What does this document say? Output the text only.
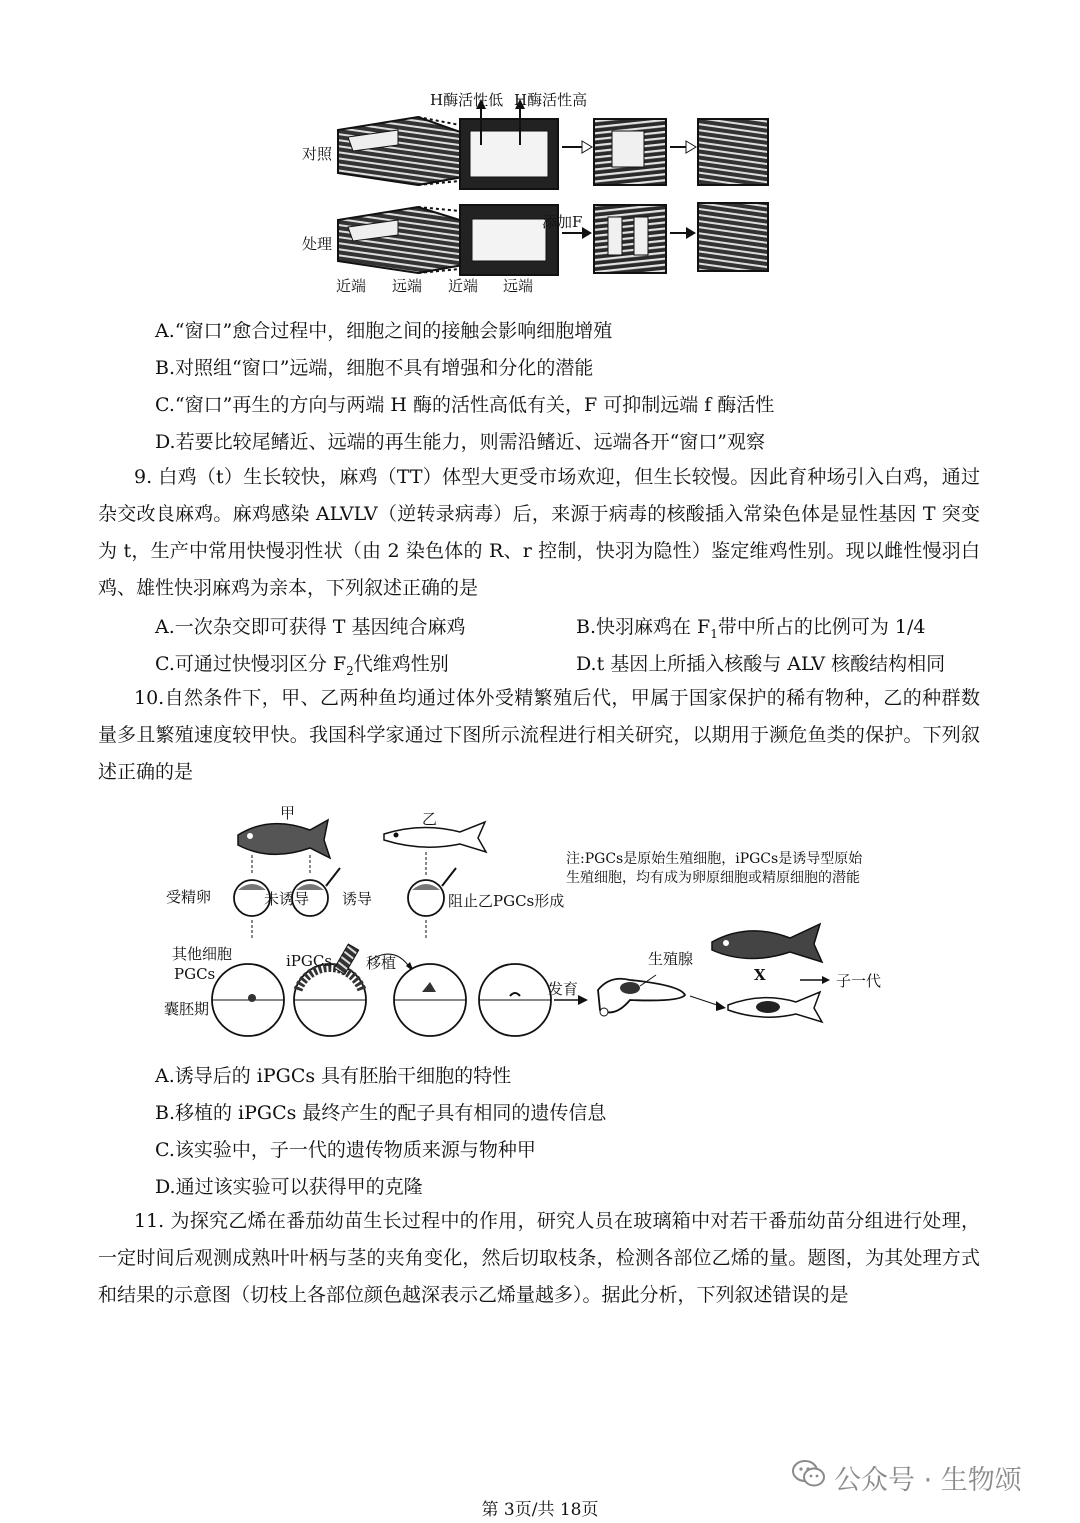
H酶活性低 H酶活性高
对照
处理
添加F
近端 远端 近端 远端
A.“窗口”愈合过程中，细胞之间的接触会影响细胞增殖
B.对照组“窗口”远端，细胞不具有增强和分化的潜能
C.“窗口”再生的方向与两端 H 酶的活性高低有关，F 可抑制远端 f 酶活性
D.若要比较尾鳍近、远端的再生能力，则需沿鳍近、远端各开“窗口”观察
9. 白鸡（t）生长较快，麻鸡（TT）体型大更受市场欢迎，但生长较慢。因此育种场引入白鸡，通过杂交改良麻鸡。麻鸡感染 ALVLV（逆转录病毒）后，来源于病毒的核酸插入常染色体是显性基因 T 突变为 t，生产中常用快慢羽性状（由 2 染色体的 R、r 控制，快羽为隐性）鉴定维鸡性别。现以雌性慢羽白鸡、雄性快羽麻鸡为亲本，下列叙述正确的是
A.一次杂交即可获得 T 基因纯合麻鸡	B.快羽麻鸡在 $F_1$带中所占的比例可为 1/4
C.可通过快慢羽区分 $F_2$代维鸡性别	D.t 基因上所插入核酸与 ALV 核酸结构相同
10.自然条件下，甲、乙两种鱼均通过体外受精繁殖后代，甲属于国家保护的稀有物种，乙的种群数量多且繁殖速度较甲快。我国科学家通过下图所示流程进行相关研究，以期用于濒危鱼类的保护。下列叙述正确的是
甲	乙
注:PGCs是原始生殖细胞，iPGCs是诱导型原始
生殖细胞，均有成为卵原细胞或精原细胞的潜能
受精卵	未诱导 诱导	阻止乙PGCs形成
其他细胞
PGCs
囊胚期
iPGCs 移植
发育
生殖腺
X	子一代
A.诱导后的 iPGCs 具有胚胎干细胞的特性
B.移植的 iPGCs 最终产生的配子具有相同的遗传信息
C.该实验中，子一代的遗传物质来源与物种甲
D.通过该实验可以获得甲的克隆
11. 为探究乙烯在番茄幼苗生长过程中的作用，研究人员在玻璃箱中对若干番茄幼苗分组进行处理，一定时间后观测成熟叶叶柄与茎的夹角变化，然后切取枝条，检测各部位乙烯的量。题图，为其处理方式和结果的示意图（切枝上各部位颜色越深表示乙烯量越多）。据此分析，下列叙述错误的是
公众号 · 生物颂
第 3页/共 18页
